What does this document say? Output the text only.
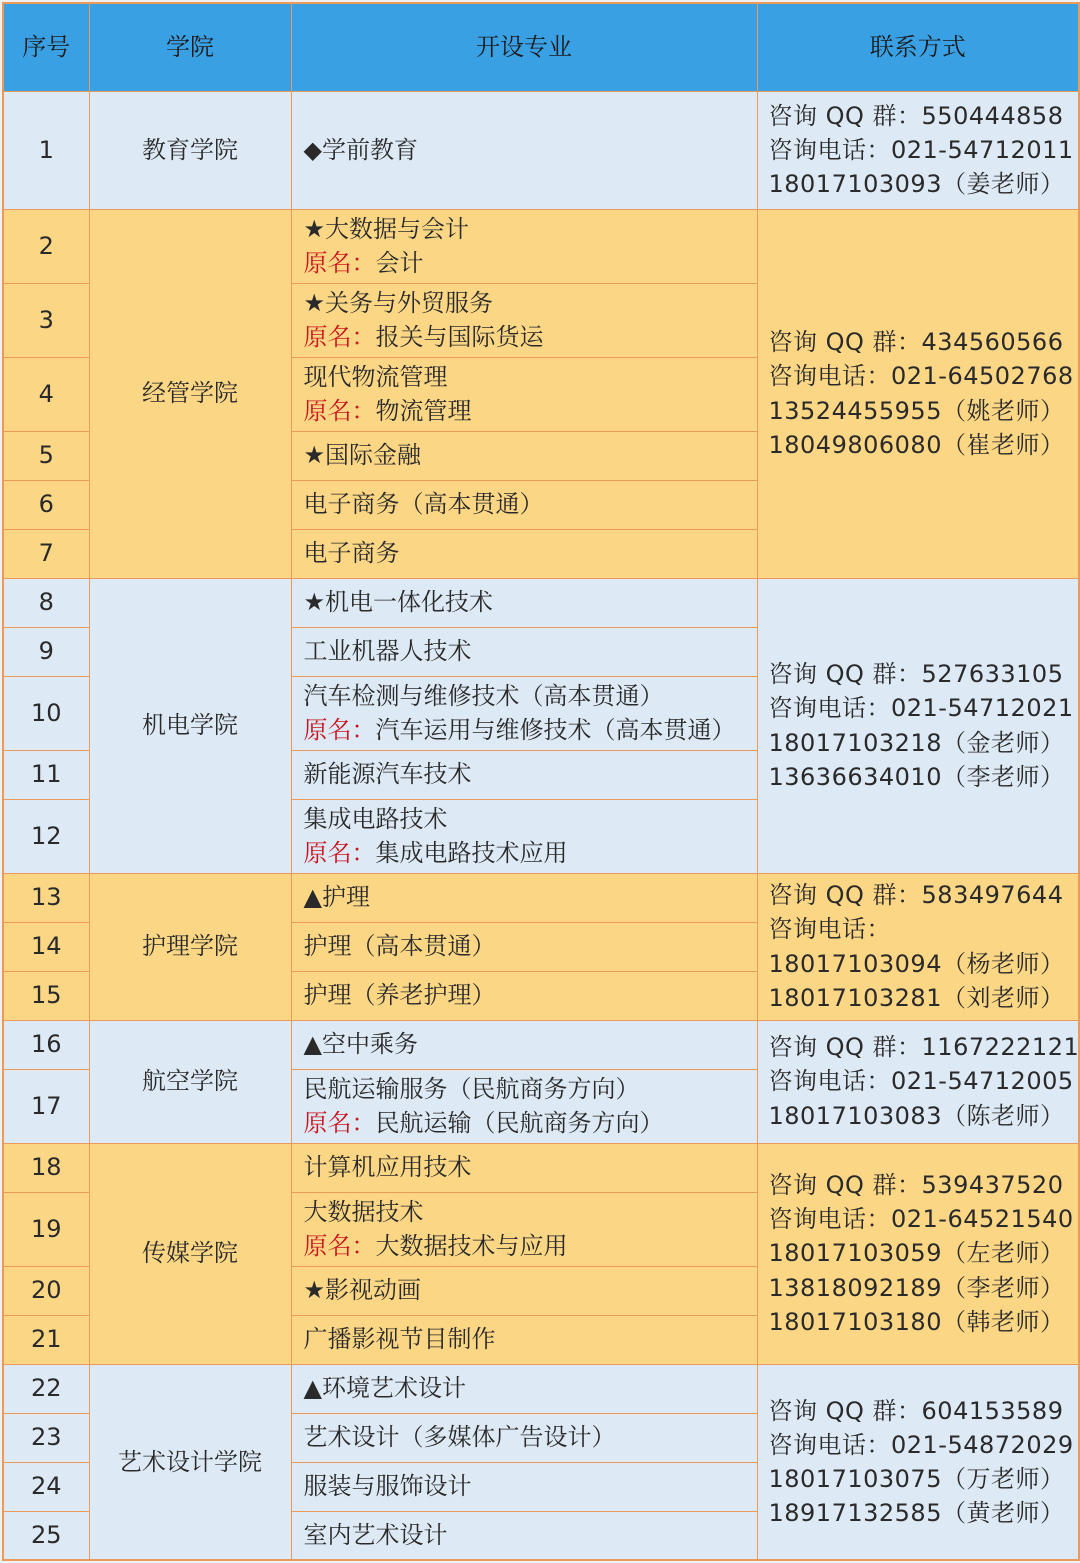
序号	学院	开设专业	联系方式
1	教育学院	◆学前教育	咨询 QQ 群：550444858
咨询电话：021-54712011
18017103093（姜老师）

2	经管学院	★大数据与会计
原名：会计	咨询 QQ 群：434560566
咨询电话：021-64502768
13524455955（姚老师）
18049806080（崔老师）

3		★关务与外贸服务
原名：报关与国际货运	

4		现代物流管理
原名：物流管理	

5		★国际金融	

6		电子商务（高本贯通）	

7		电子商务	

8	机电学院	★机电一体化技术	咨询 QQ 群：527633105
咨询电话：021-54712021
18017103218（金老师）
13636634010（李老师）

9		工业机器人技术	

10		汽车检测与维修技术（高本贯通）
原名：汽车运用与维修技术（高本贯通）	

11		新能源汽车技术	

12		集成电路技术
原名：集成电路技术应用	

13	护理学院	▲护理	咨询 QQ 群：583497644
咨询电话：
18017103094（杨老师）
18017103281（刘老师）

14		护理（高本贯通）	

15		护理（养老护理）	

16	航空学院	▲空中乘务	咨询 QQ 群：1167222121
咨询电话：021-54712005
18017103083（陈老师）

17		民航运输服务（民航商务方向）
原名：民航运输（民航商务方向）	

18	传媒学院	计算机应用技术	咨询 QQ 群：539437520
咨询电话：021-64521540
18017103059（左老师）
13818092189（李老师）
18017103180（韩老师）

19		大数据技术
原名：大数据技术与应用	

20		★影视动画	

21		广播影视节目制作	

22	艺术设计学院	▲环境艺术设计	咨询 QQ 群：604153589
咨询电话：021-54872029
18017103075（万老师）
18917132585（黄老师）

23		艺术设计（多媒体广告设计）	

24		服装与服饰设计	

25		室内艺术设计	
